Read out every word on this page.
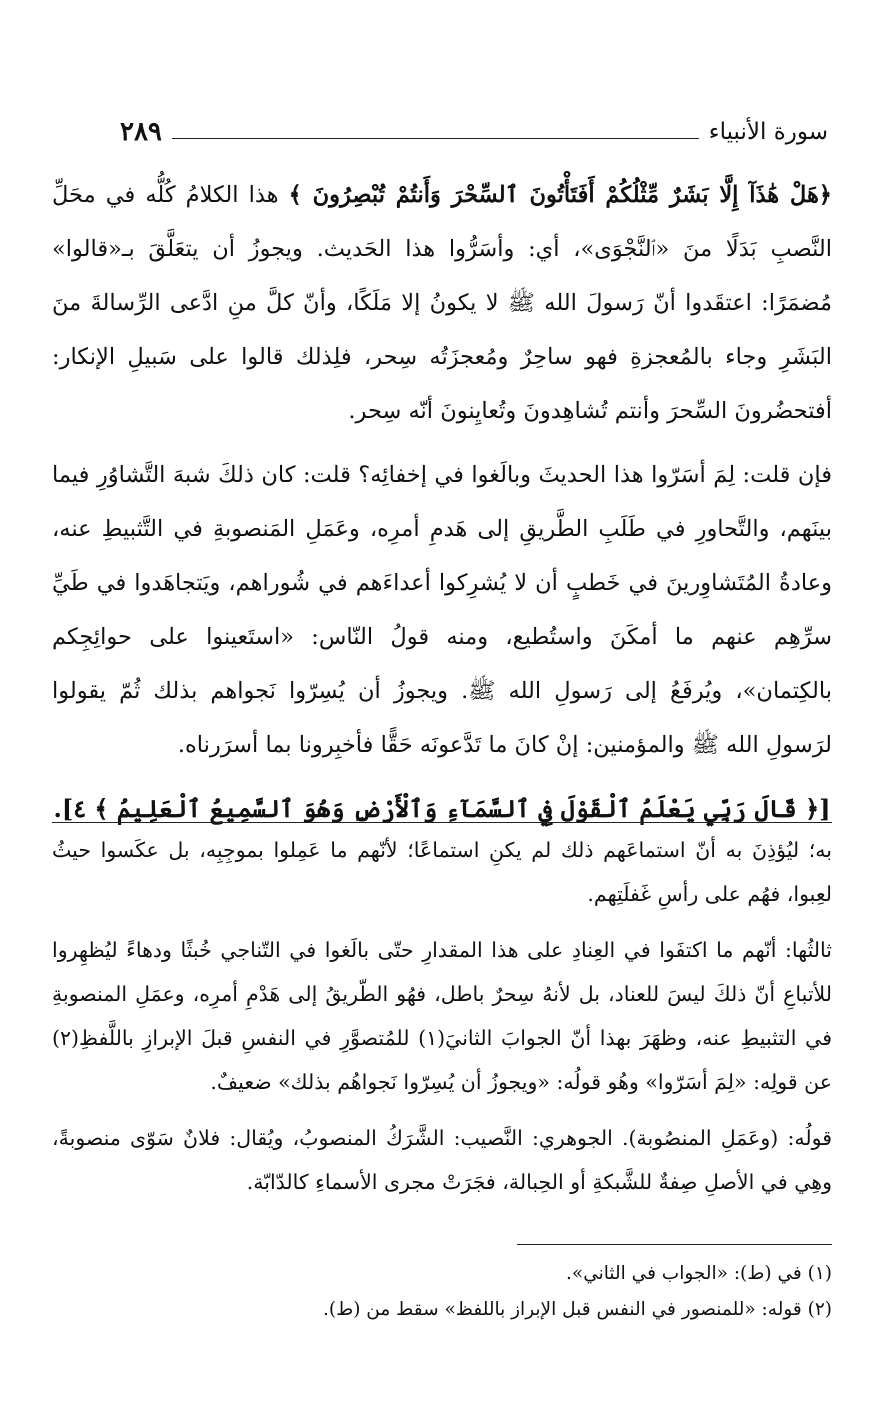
سورة الأنبياء
٢٨٩

﴿هَلْ هَٰذَآ إِلَّا بَشَرٌ مِّثْلُكُمْ أَفَتَأْتُونَ ٱلسِّحْرَ وَأَنتُمْ تُبْصِرُونَ ﴾ هذا الكلامُ كُلُّه في محَلِّ النَّصبِ بَدَلًا منَ «ٱلنَّجْوَى»، أي: وأسَرُّوا هذا الحَديث. ويجوزُ أن يتعَلَّقَ بـ«قالوا» مُضمَرًا: اعتقَدوا أنّ رَسولَ الله ﷺ لا يكونُ إلا مَلَكًا، وأنّ كلَّ منِ ادَّعى الرِّسالةَ منَ البَشَرِ وجاء بالمُعجزةِ فهو ساحِرٌ ومُعجزَتُه سِحر، فلِذلك قالوا على سَبيلِ الإنكار: أفتحضُرونَ السِّحرَ وأنتم تُشاهِدونَ وتُعايِنونَ أنّه سِحر.

فإن قلت: لِمَ أسَرّوا هذا الحديثَ وبالَغوا في إخفائِه؟ قلت: كان ذلكَ شبهَ التَّشاوُرِ فيما بينَهم، والتَّحاورِ في طَلَبِ الطَّريقِ إلى هَدمِ أمرِه، وعَمَلِ المَنصوبةِ في التَّثبيطِ عنه، وعادةُ المُتَشاوِرينَ في خَطبٍ أن لا يُشرِكوا أعداءَهم في شُوراهم، ويَتجاهَدوا في طَيِّ سرِّهِم عنهم ما أمكَنَ واستُطيع، ومنه قولُ النّاس: «استَعينوا على حوائِجِكم بالكِتمان»، ويُرفَعُ إلى رَسولِ الله ﷺ. ويجوزُ أن يُسِرّوا نَجواهم بذلك ثُمّ يقولوا لرَسولِ الله ﷺ والمؤمنين: إنْ كانَ ما تَدَّعونَه حَقًّا فأخبِرونا بما أسرَرناه.

[﴿ قَالَ رَبِّي يَعْلَمُ ٱلْقَوْلَ فِي ٱلسَّمَآءِ وَٱلْأَرْضِ وَهُوَ ٱلسَّمِيعُ ٱلْعَلِيمُ ﴾ ٤].

به؛ ليُؤذِنَ به أنّ استماعَهم ذلك لم يكنِ استماعًا؛ لأنّهم ما عَمِلوا بموجِبِه، بل عكَسوا حيثُ لعِبوا، فهُم على رأسِ غَفلَتِهم.

ثالثُها: أنّهم ما اكتفَوا في العِنادِ على هذا المقدارِ حتّى بالَغوا في التّناجي خُبثًا ودهاءً ليُظهِروا للأتباعِ أنّ ذلكَ ليسَ للعناد، بل لأنهُ سِحرٌ باطل، فهُو الطّريقُ إلى هَدْمِ أمرِه، وعمَلِ المنصوبةِ في التثبيطِ عنه، وظهَرَ بهذا أنّ الجوابَ الثانيَ(١) للمُتصوَّرِ في النفسِ قبلَ الإبرازِ باللَّفظِ(٢) عن قولِه: «لِمَ أسَرّوا» وهُو قولُه: «ويجوزُ أن يُسِرّوا نَجواهُم بذلك» ضعيفٌ.

قولُه: (وعَمَلِ المنصُوبة). الجوهري: النَّصيب: الشَّرَكُ المنصوبُ، ويُقال: فلانٌ سَوّى منصوبةً، وهِي في الأصلِ صِفةٌ للشَّبكةِ أو الحِبالة، فجَرَتْ مجرى الأسماءِ كالدّابّة.

(١) في (ط): «الجواب في الثاني».

(٢) قوله: «للمنصور في النفس قبل الإبراز باللفظ» سقط من (ط).
